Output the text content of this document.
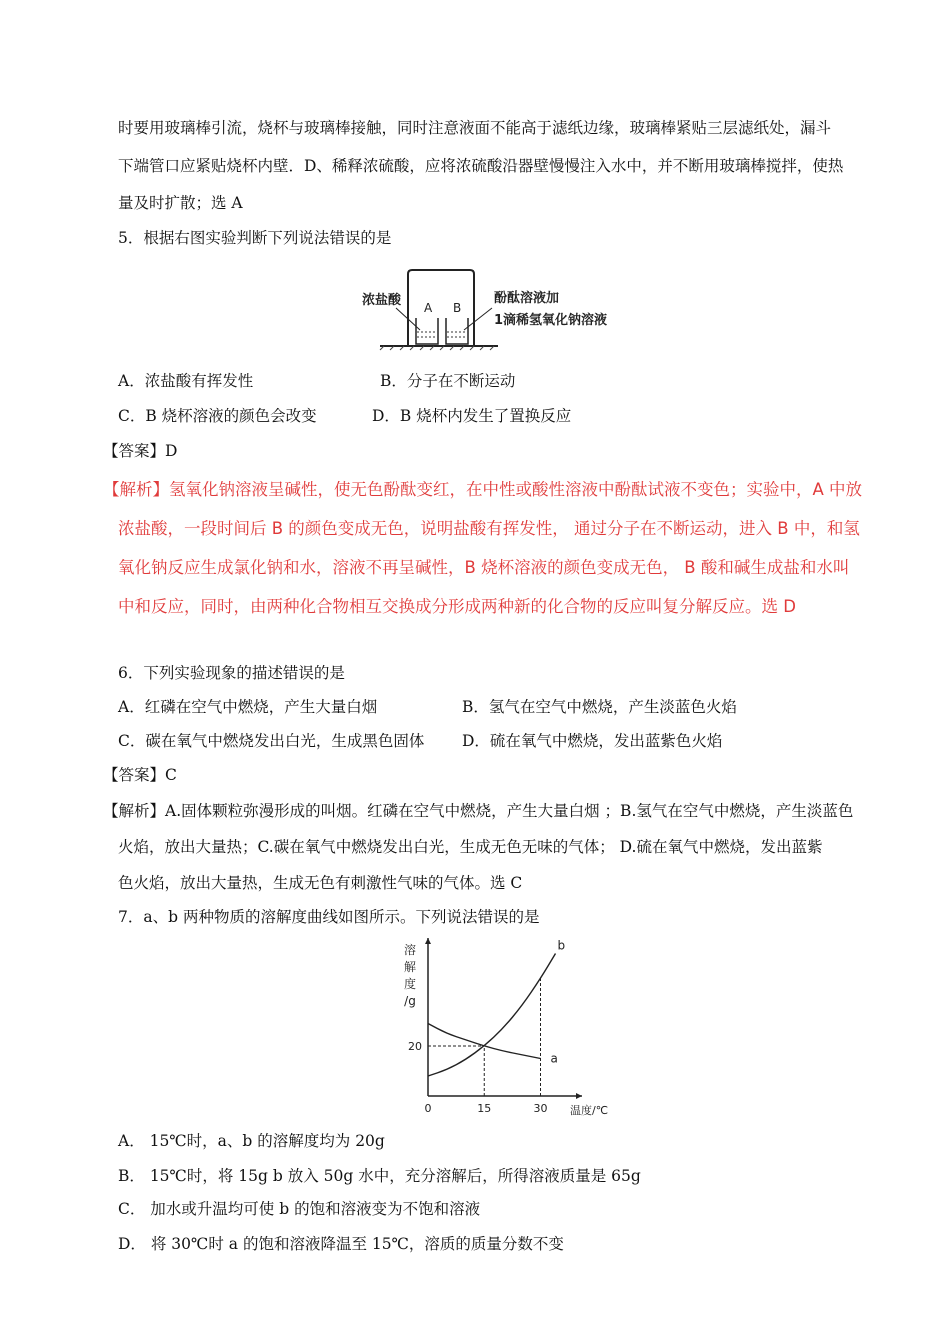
时要用玻璃棒引流，烧杯与玻璃棒接触，同时注意液面不能高于滤纸边缘，玻璃棒紧贴三层滤纸处，漏斗
下端管口应紧贴烧杯内壁．D、稀释浓硫酸，应将浓硫酸沿器壁慢慢注入水中，并不断用玻璃棒搅拌，使热
量及时扩散；选 A
5．根据右图实验判断下列说法错误的是
A B
浓盐酸	酚酞溶液加
1滴稀氢氧化钠溶液
A．浓盐酸有挥发性	B．分子在不断运动
C．B 烧杯溶液的颜色会改变	D．B 烧杯内发生了置换反应
【答案】D
【解析】氢氧化钠溶液呈碱性，使无色酚酞变红，在中性或酸性溶液中酚酞试液不变色；实验中，A 中放
浓盐酸，一段时间后 B 的颜色变成无色，说明盐酸有挥发性， 通过分子在不断运动，进入 B 中，和氢
氧化钠反应生成氯化钠和水，溶液不再呈碱性，B 烧杯溶液的颜色变成无色， B 酸和碱生成盐和水叫
中和反应，同时，由两种化合物相互交换成分形成两种新的化合物的反应叫复分解反应。选 D
6．下列实验现象的描述错误的是
A．红磷在空气中燃烧，产生大量白烟	B．氢气在空气中燃烧，产生淡蓝色火焰
C．碳在氧气中燃烧发出白光，生成黑色固体 D．硫在氧气中燃烧，发出蓝紫色火焰
【答案】C
【解析】A.固体颗粒弥漫形成的叫烟。红磷在空气中燃烧，产生大量白烟 ；B.氢气在空气中燃烧，产生淡蓝色
火焰，放出大量热；C.碳在氧气中燃烧发出白光，生成无色无味的气体； D.硫在氧气中燃烧，发出蓝紫
色火焰，放出大量热，生成无色有刺激性气味的气体。选 C
7．a、b 两种物质的溶解度曲线如图所示。下列说法错误的是
溶
解
度
/g
温度/℃
0	15	30
20
a
b
A． 15℃时，a、b 的溶解度均为 20g
B． 15℃时，将 15g b 放入 50g 水中，充分溶解后，所得溶液质量是 65g
C． 加水或升温均可使 b 的饱和溶液变为不饱和溶液
D． 将 30℃时 a 的饱和溶液降温至 15℃，溶质的质量分数不变
